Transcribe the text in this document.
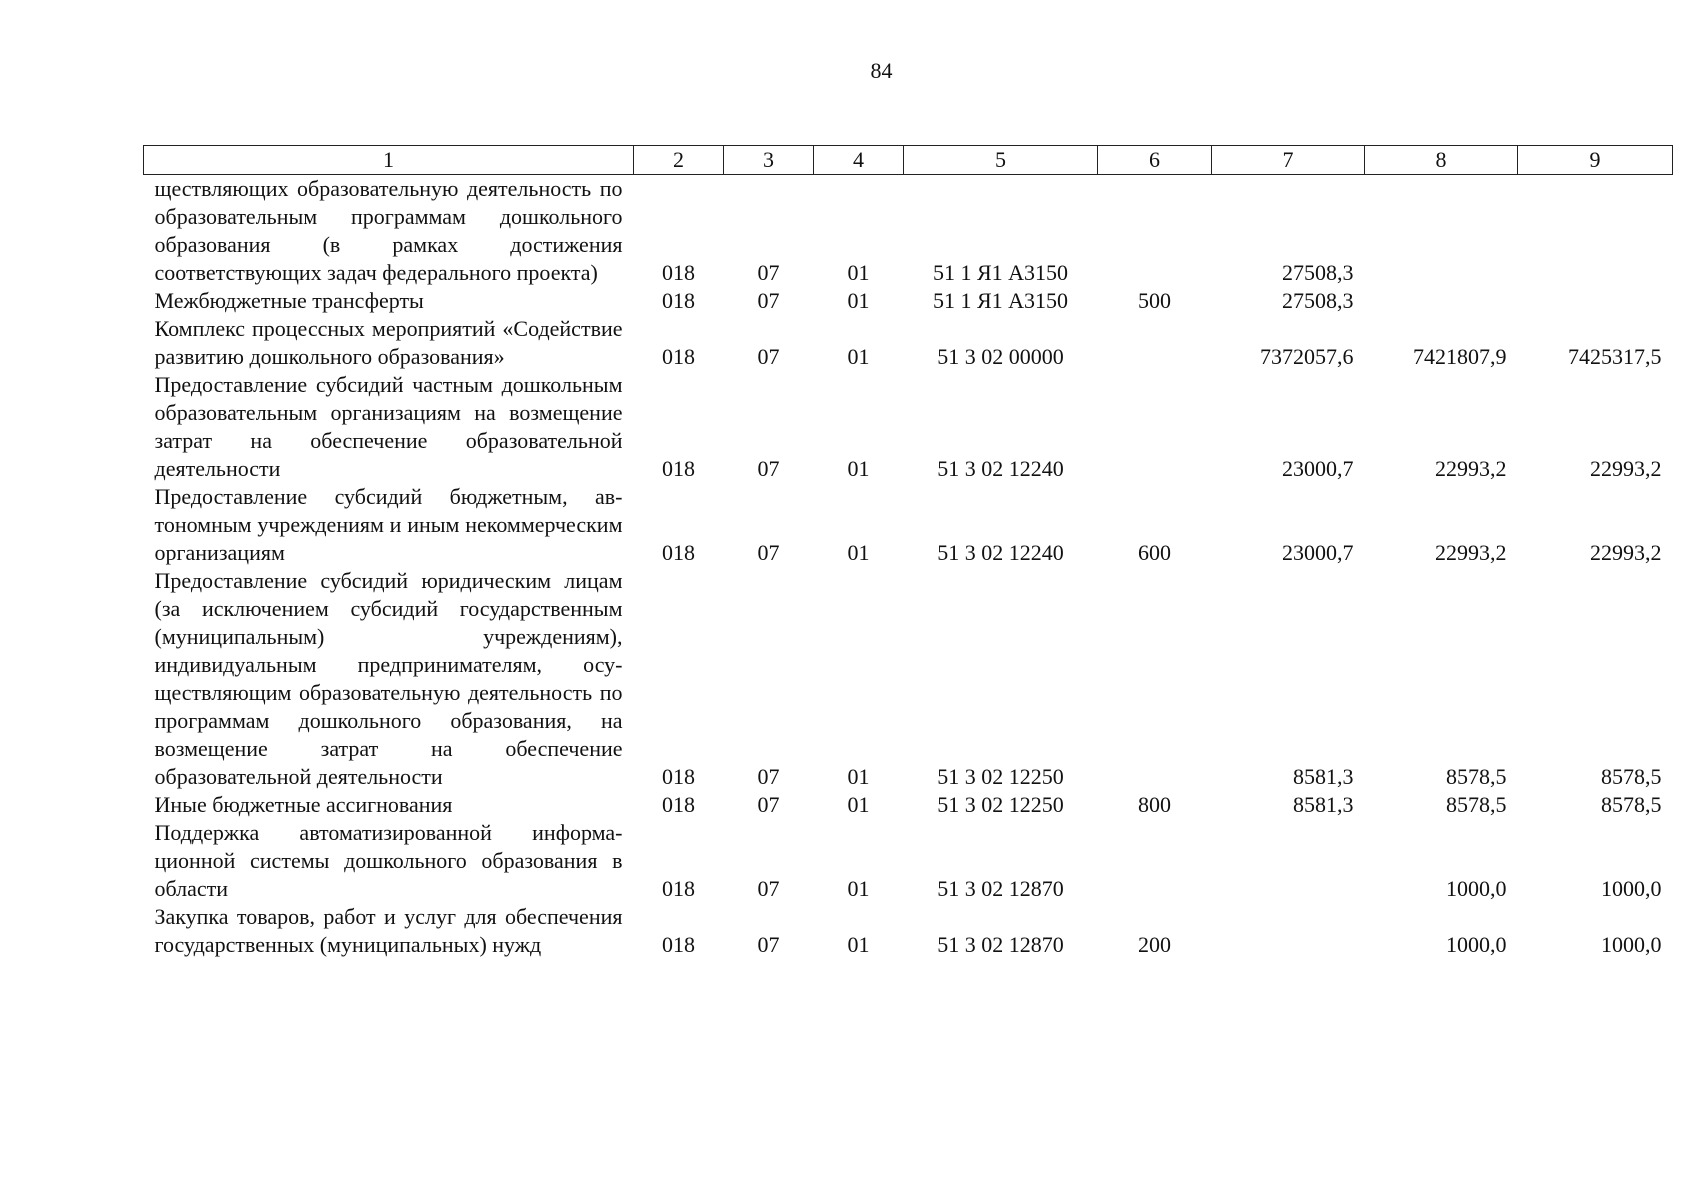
84
1	2	3	4	5	6	7	8	9
ществляющих образовательную деятельность по образовательным программам дошкольного образования (в рамках достижения соответствующих задач федерального проекта)	018	07	01	51 1 Я1 А3150		27508,3		
Межбюджетные трансферты	018	07	01	51 1 Я1 А3150	500	27508,3		
Комплекс процессных мероприятий «Содействие развитию дошкольного образования»	018	07	01	51 3 02 00000		7372057,6	7421807,9	7425317,5
Предоставление субсидий частным дошкольным образовательным организациям на возмещение затрат на обеспечение образовательной деятельности	018	07	01	51 3 02 12240		23000,7	22993,2	22993,2
Предоставление субсидий бюджетным, автономным учреждениям и иным некоммерческим организациям	018	07	01	51 3 02 12240	600	23000,7	22993,2	22993,2
Предоставление субсидий юридическим лицам (за исключением субсидий государственным (муниципальным) учреждениям), индивидуальным предпринимателям, осуществляющим образовательную деятельность по программам дошкольного образования, на возмещение затрат на обеспечение образовательной деятельности	018	07	01	51 3 02 12250		8581,3	8578,5	8578,5
Иные бюджетные ассигнования	018	07	01	51 3 02 12250	800	8581,3	8578,5	8578,5
Поддержка автоматизированной информационной системы дошкольного образования в области	018	07	01	51 3 02 12870			1000,0	1000,0
Закупка товаров, работ и услуг для обеспечения государственных (муниципальных) нужд	018	07	01	51 3 02 12870	200		1000,0	1000,0
